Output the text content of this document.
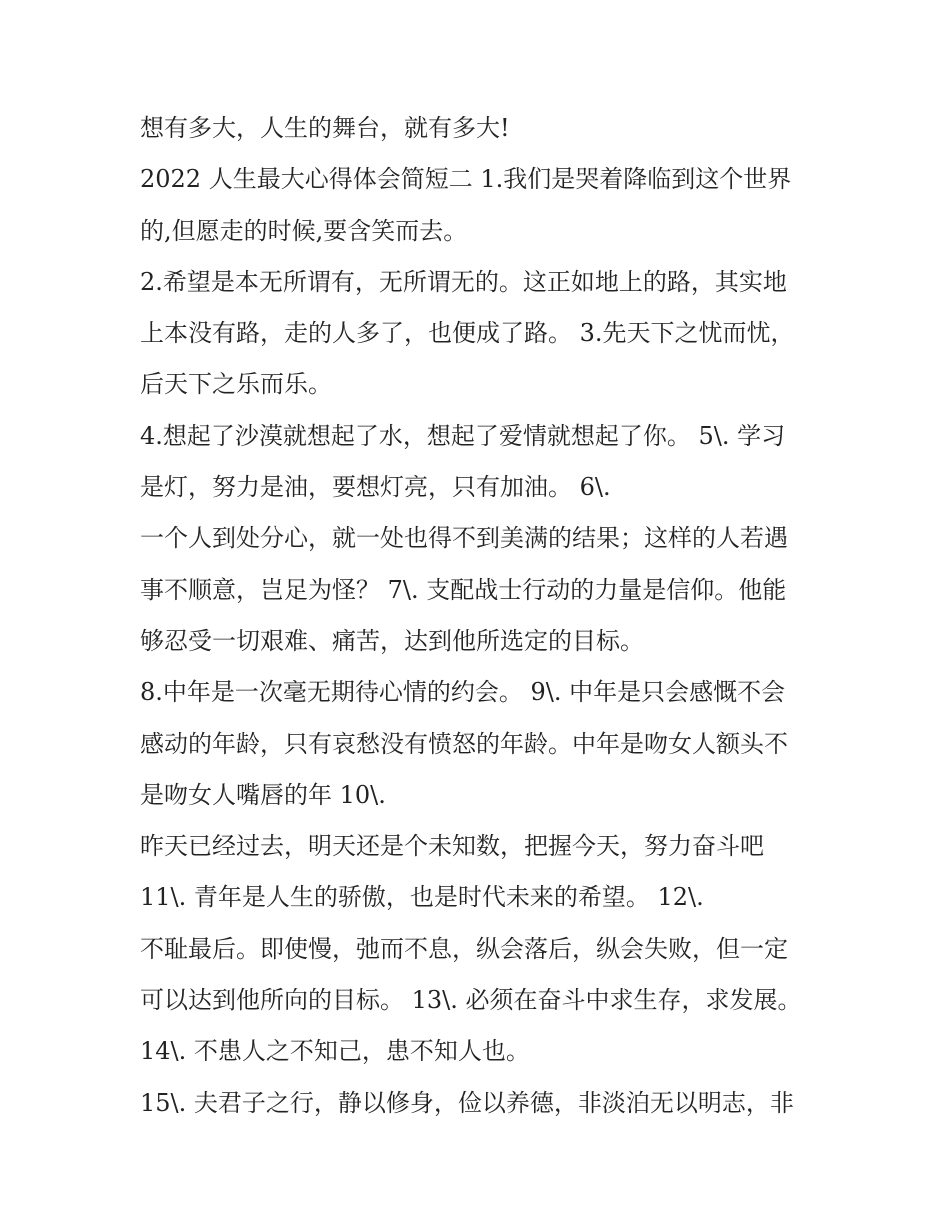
想有多大，人生的舞台，就有多大!
2022 人生最大心得体会简短二 1.我们是哭着降临到这个世界
的,但愿走的时候,要含笑而去。
2.希望是本无所谓有，无所谓无的。这正如地上的路，其实地
上本没有路，走的人多了，也便成了路。 3.先天下之忧而忧，
后天下之乐而乐。
4.想起了沙漠就想起了水，想起了爱情就想起了你。 5\. 学习
是灯，努力是油，要想灯亮，只有加油。 6\.
一个人到处分心，就一处也得不到美满的结果；这样的人若遇
事不顺意，岂足为怪？ 7\. 支配战士行动的力量是信仰。他能
够忍受一切艰难、痛苦，达到他所选定的目标。
8.中年是一次毫无期待心情的约会。 9\. 中年是只会感慨不会
感动的年龄，只有哀愁没有愤怒的年龄。中年是吻女人额头不
是吻女人嘴唇的年 10\.
昨天已经过去，明天还是个未知数，把握今天，努力奋斗吧
11\. 青年是人生的骄傲，也是时代未来的希望。 12\.
不耻最后。即使慢，弛而不息，纵会落后，纵会失败，但一定
可以达到他所向的目标。 13\. 必须在奋斗中求生存，求发展。
14\. 不患人之不知己，患不知人也。
15\. 夫君子之行，静以修身，俭以养德，非淡泊无以明志，非
